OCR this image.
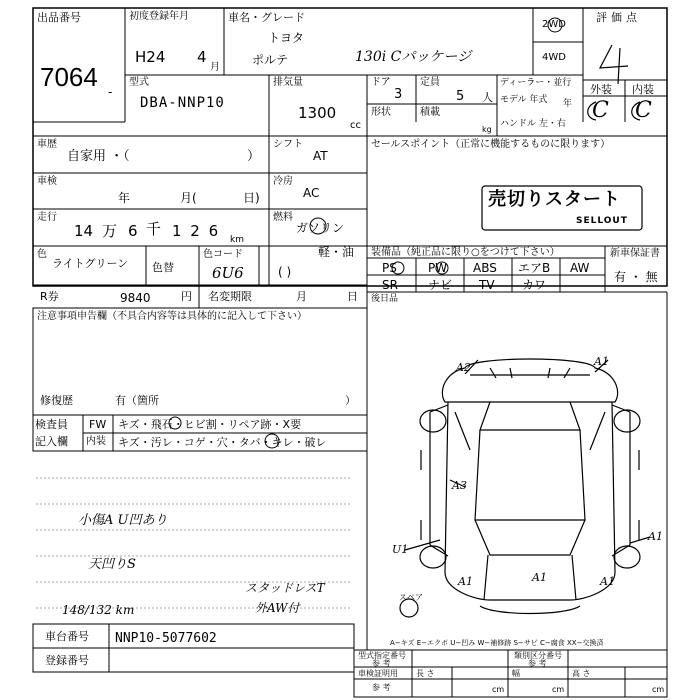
出品番号
7064 -
初度登録年月
H24 4
月
車名・グレード
トヨタ
ポルテ	130i Cパッケージ
2WD
4WD
評価点
外装 内装
C C
型式
DBA-NNP10
排気量
1300
cc
ドア
3
定員
5 人
形状	積載
kg
ディーラー・並行
モデル 年式	年
ハンドル 左・右
車歴
自家用 ・（	）
シフト
AT
セールスポイント（正常に機能するものに限ります）
売切りスタート
SELLOUT
車検
年	月(	日)
冷房
AC
走行
14 万 6 千 1 2 6 km
燃料
ガソリン
軽・油
色
ライトグリーン 色替
色コード
6U6	( )
装備品（純正品に限り○をつけて下さい）
PS	PW ABS エアB AW
SR	ナビ TV カワ
新車保証書
有 ・ 無
R券	9840	円 名変期限	月	日 後日品
注意事項申告欄（不具合内容等は具体的に記入して下さい）
修復歴	有（箇所	）
検査員
記入欄
FW キズ・飛石・ヒビ割・リペア跡・X要
内装 キズ・汚レ・コゲ・穴・タバ・キレ・破レ
小傷A U凹あり
天凹りS
スタッドレスT
外AW付
148/132 km
A2	A1
A3
A1
U1
A1	A1	A1
スペア
車台番号 NNP10-5077602
登録番号
A−キズ E−エクボ U−凹み W−補修跡 S−サビ C−腐食 XX−交換済
型式指定番号
参 考
類別区分番号
参 考
車検証明用
参 考
長 さ	幅	高 さ
cm	cm	cm
